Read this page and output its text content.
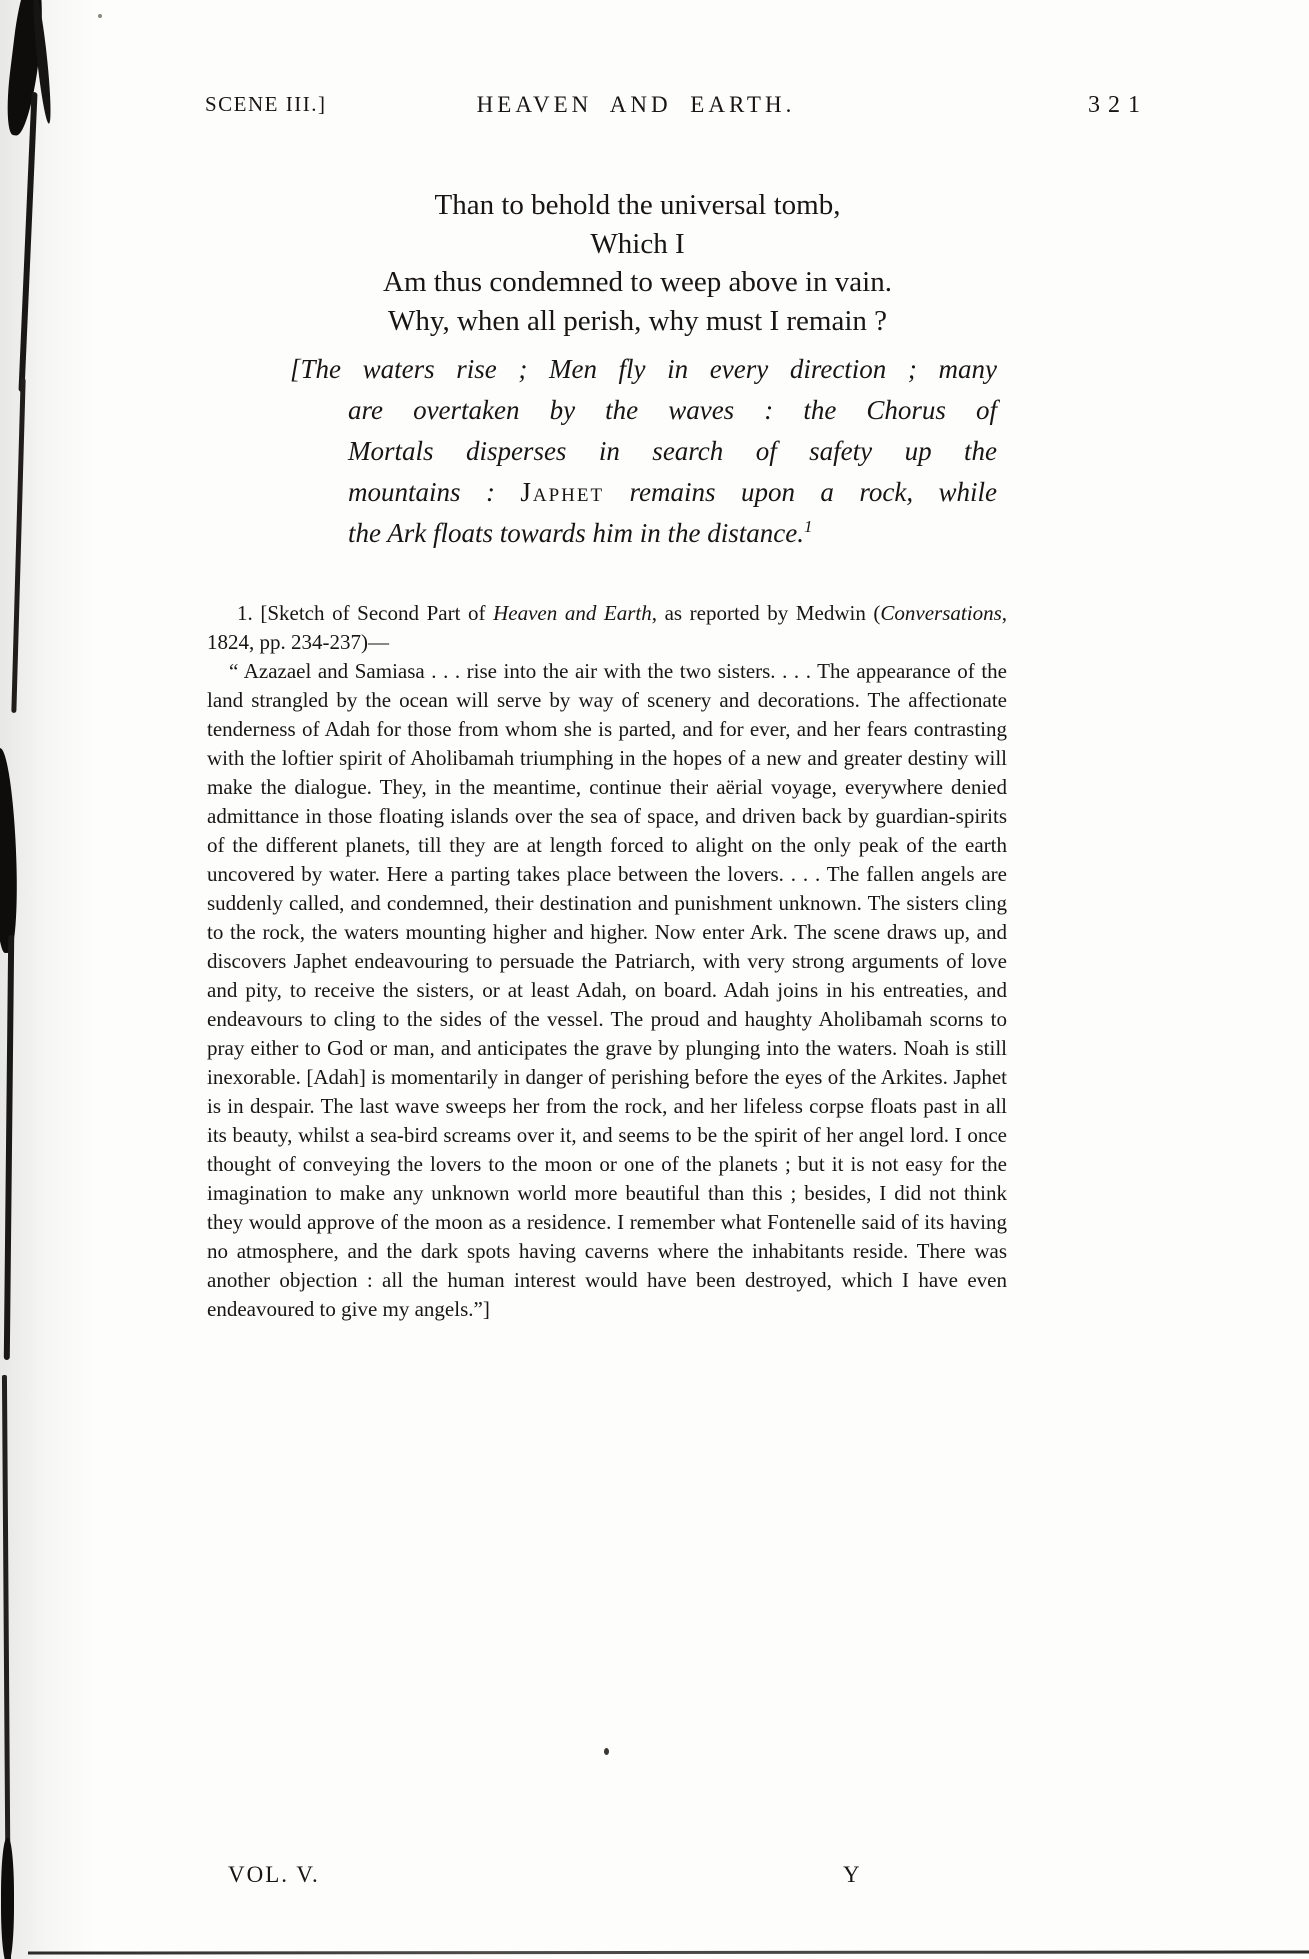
SCENE III.]	HEAVEN AND EARTH.	321
Than to behold the universal tomb,
Which I
Am thus condemned to weep above in vain.
Why, when all perish, why must I remain ?
[The waters rise ; Men fly in every direction ; many
are overtaken by the waves : the Chorus of
Mortals disperses in search of safety up the
mountains : Japhet remains upon a rock, while
the Ark floats towards him in the distance.$^1$

1. [Sketch of Second Part of Heaven and Earth, as reported by Medwin (Conversations, 1824, pp. 234-237)—

“ Azazael and Samiasa . . . rise into the air with the two sisters. . . . The appearance of the land strangled by the ocean will serve by way of scenery and decorations. The affectionate tenderness of Adah for those from whom she is parted, and for ever, and her fears contrasting with the loftier spirit of Aholibamah triumphing in the hopes of a new and greater destiny will make the dialogue. They, in the meantime, continue their aërial voyage, everywhere denied admittance in those floating islands over the sea of space, and driven back by guardian-spirits of the different planets, till they are at length forced to alight on the only peak of the earth uncovered by water. Here a parting takes place between the lovers. . . . The fallen angels are suddenly called, and condemned, their destination and punishment unknown. The sisters cling to the rock, the waters mounting higher and higher. Now enter Ark. The scene draws up, and discovers Japhet endeavouring to persuade the Patriarch, with very strong arguments of love and pity, to receive the sisters, or at least Adah, on board. Adah joins in his entreaties, and endeavours to cling to the sides of the vessel. The proud and haughty Aholibamah scorns to pray either to God or man, and anticipates the grave by plunging into the waters. Noah is still inexorable. [Adah] is momentarily in danger of perishing before the eyes of the Arkites. Japhet is in despair. The last wave sweeps her from the rock, and her lifeless corpse floats past in all its beauty, whilst a sea-bird screams over it, and seems to be the spirit of her angel lord. I once thought of conveying the lovers to the moon or one of the planets ; but it is not easy for the imagination to make any unknown world more beautiful than this ; besides, I did not think they would approve of the moon as a residence. I remember what Fontenelle said of its having no atmosphere, and the dark spots having caverns where the inhabitants reside. There was another objection : all the human interest would have been destroyed, which I have even endeavoured to give my angels.”]

VOL. V.	Y
